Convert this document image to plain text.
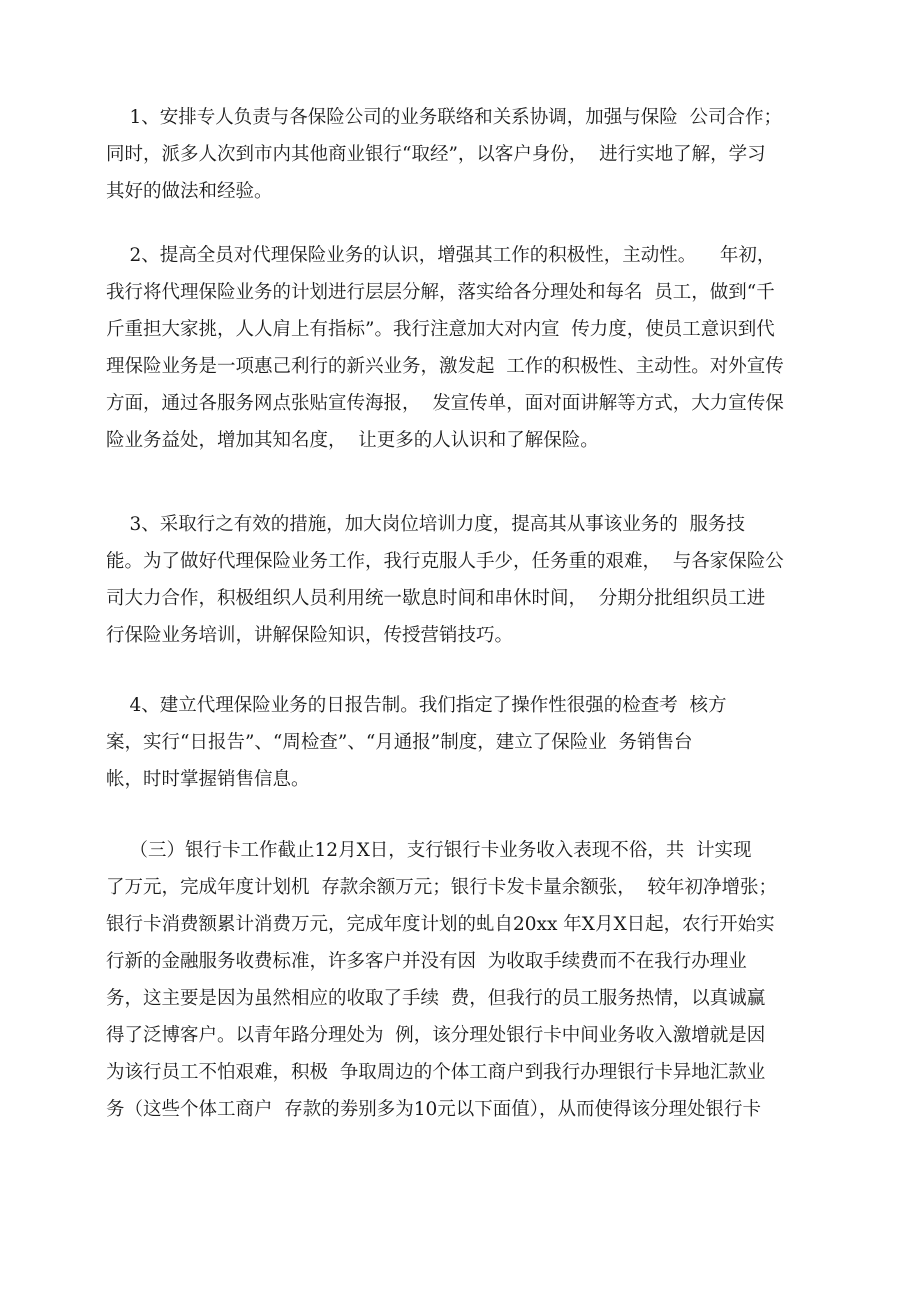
1、安排专人负责与各保险公司的业务联络和关系协调，加强与保险  公司合作；
同时，派多人次到市内其他商业银行“取经”，以客户身份，  进行实地了解，学习
其好的做法和经验。
2、提高全员对代理保险业务的认识，增强其工作的积极性，主动性。    年初，
我行将代理保险业务的计划进行层层分解，落实给各分理处和每名  员工，做到“千
斤重担大家挑，人人肩上有指标”。我行注意加大对内宣  传力度，使员工意识到代
理保险业务是一项惠己利行的新兴业务，激发起  工作的积极性、主动性。对外宣传
方面，通过各服务网点张贴宣传海报，  发宣传单，面对面讲解等方式，大力宣传保
险业务益处，增加其知名度，  让更多的人认识和了解保险。
3、采取行之有效的措施，加大岗位培训力度，提高其从事该业务的  服务技
能。为了做好代理保险业务工作，我行克服人手少，任务重的艰难，  与各家保险公
司大力合作，积极组织人员利用统一歇息时间和串休时间，  分期分批组织员工进
行保险业务培训，讲解保险知识，传授营销技巧。
4、建立代理保险业务的日报告制。我们指定了操作性很强的检查考  核方
案，实行“日报告”、“周检查”、“月通报”制度，建立了保险业  务销售台
帐，时时掌握销售信息。
（三）银行卡工作截止12月X日，支行银行卡业务收入表现不俗，共  计实现
了万元，完成年度计划机  存款余额万元；银行卡发卡量余额张，  较年初净增张；
银行卡消费额累计消费万元，完成年度计划的虬自20xx 年X月X日起，农行开始实
行新的金融服务收费标准，许多客户并没有因  为收取手续费而不在我行办理业
务，这主要是因为虽然相应的收取了手续  费，但我行的员工服务热情，以真诚赢
得了泛博客户。以青年路分理处为  例，该分理处银行卡中间业务收入激增就是因
为该行员工不怕艰难，积极  争取周边的个体工商户到我行办理银行卡异地汇款业
务（这些个体工商户  存款的劵别多为10元以下面值），从而使得该分理处银行卡
